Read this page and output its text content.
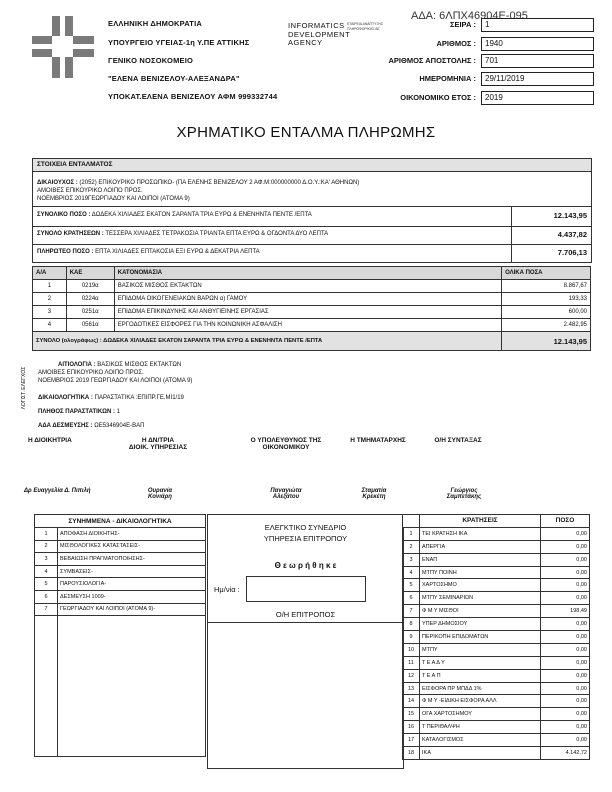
ΑΔΑ: 6ΛΠΧ46904Ε-095
ΕΛΛΗΝΙΚΗ ΔΗΜΟΚΡΑΤΙΑ
ΥΠΟΥΡΓΕΙΟ ΥΓΕΙΑΣ-1η Υ.ΠΕ ΑΤΤΙΚΗΣ
ΓΕΝΙΚΟ ΝΟΣΟΚΟΜΕΙΟ
"ΕΛΕΝΑ ΒΕΝΙΖΕΛΟΥ-ΑΛΕΞΑΝΔΡΑ"
ΥΠΟΚΑΤ.ΕΛΕΝΑ ΒΕΝΙΖΕΛΟΥ ΑΦΜ 999332744
INFORMATICS DEVELOPMENT AGENCY
ΕΤΑΙΡΕΙΑ ΑΝΑΠΤΥΞΗΣ ΠΛΗΡΟΦΟΡΙΚΗΣ ΑΕ	ΣΕΙΡΑ :	1
ΑΡΙΘΜΟΣ :	1940
ΑΡΙΘΜΟΣ ΑΠΟΣΤΟΛΗΣ :	701
ΗΜΕΡΟΜΗΝΙΑ :	29/11/2019
ΟΙΚΟΝΟΜΙΚΟ ΕΤΟΣ :	2019
ΧΡΗΜΑΤΙΚΟ ΕΝΤΑΛΜΑ ΠΛΗΡΩΜΗΣ
ΣΤΟΙΧΕΙΑ ΕΝΤΑΛΜΑΤΟΣ
ΔΙΚΑΙΟΥΧΟΣ : (2052) ΕΠΙΚΟΥΡΙΚΟ ΠΡΟΣΩΠΙΚΟ- (ΠΑ ΕΛΕΝΗΣ ΒΕΝΙΖΕΛΟΥ 2 ΑΦ.Μ:000000000 Δ.Ο.Υ.:ΚΑ' ΑΘΗΝΩΝ)
ΑΜΟΙΒΕΣ ΕΠΙΚΟΥΡΙΚΟ ΛΟΙΠΟ ΠΡΟΣ.
ΝΟΕΜΒΡΙΟΣ 2019ΓΕΩΡΓΙΑΔΟΥ ΚΑΙ ΛΟΙΠΟΙ (ΑΤΟΜΑ 9)
ΣΥΝΟΛΙΚΟ ΠΟΣΟ : ΔΩΔΕΚΑ ΧΙΛΙΑΔΕΣ ΕΚΑΤΟΝ ΣΑΡΑΝΤΑ ΤΡΙΑ ΕΥΡΩ & ΕΝΕΝΗΝΤΑ ΠΕΝΤΕ /ΕΠΤΑ	12.143,95
ΣΥΝΟΛΟ ΚΡΑΤΗΣΕΩΝ : ΤΕΣΣΕΡΑ ΧΙΛΙΑΔΕΣ ΤΕΤΡΑΚΟΣΙΑ ΤΡΙΑΝΤΑ ΕΠΤΑ ΕΥΡΩ & ΟΓΔΟΝΤΑ ΔΥΟ ΛΕΠΤΑ	4.437,82
ΠΛΗΡΩΤΕΟ ΠΟΣΟ : ΕΠΤΑ ΧΙΛΙΑΔΕΣ ΕΠΤΑΚΟΣΙΑ ΕΞΙ ΕΥΡΩ & ΔΕΚΑΤΡΙΑ ΛΕΠΤΑ	7.706,13
Α/Α	ΚΑΕ	ΚΑΤΟΝΟΜΑΣΙΑ	ΟΛΙΚΑ ΠΟΣΑ
1	0219α	ΒΑΣΙΚΟΣ ΜΙΣΘΟΣ ΕΚΤΑΚΤΩΝ	8.867,67
2	0224α	ΕΠΙΔΟΜΑ ΟΙΚΟΓΕΝΕΙΑΚΩΝ ΒΑΡΩΝ α) ΓΑΜΟΥ	193,33
3	0251α	ΕΠΙΔΟΜΑ ΕΠΙΚΙΝΔΥΝΗΣ ΚΑΙ ΑΝΘΥΓΙΕΙΝΗΣ ΕΡΓΑΣΙΑΣ	600,00
4	0561α	ΕΡΓΟΔΟΤΙΚΕΣ ΕΙΣΦΟΡΕΣ ΓΙΑ ΤΗΝ ΚΟΙΝΩΝΙΚΗ ΑΣΦΑΛΙΣΗ	2.482,95
ΣΥΝΟΛΟ (ολογράφως) : ΔΩΔΕΚΑ ΧΙΛΙΑΔΕΣ ΕΚΑΤΟΝ ΣΑΡΑΝΤΑ ΤΡΙΑ ΕΥΡΩ & ΕΝΕΝΗΝΤΑ ΠΕΝΤΕ /ΕΠΤΑ			12.143,95
ΛΟΓΙΣΤ. ΕΛΕΓΧΟΣ
ΑΙΤΙΟΛΟΓΙΑ : ΒΑΣΙΚΟΣ ΜΙΣΘΟΣ ΕΚΤΑΚΤΩΝ
ΑΜΟΙΒΕΣ ΕΠΙΚΟΥΡΙΚΟ ΛΟΙΠΟ ΠΡΟΣ.
ΝΟΕΜΒΡΙΟΣ 2019 ΓΕΩΡΓΙΑΔΟΥ ΚΑΙ ΛΟΙΠΟΙ (ΑΤΟΜΑ 9)
ΔΙΚΑΙΟΛΟΓΗΤΙΚΑ : ΠΑΡΑΣΤΑΤΙΚΑ :ΕΠΙΠΡ.ΓΕ.ΜΙ1/19
ΠΛΗΘΟΣ ΠΑΡΑΣΤΑΤΙΚΩΝ : 1
ΑΔΑ ΔΕΣΜΕΥΣΗΣ : ΩΕ5346904Ε-ΒΑΠ
Η ΔΙΟΙΚΗΤΡΙΑ	Η ΔΝ/ΤΡΙΑ
ΔΙΟΙΚ. ΥΠΗΡΕΣΙΑΣ
Ο ΥΠΟΛΕΥΘΥΝΟΣ ΤΗΣ
ΟΙΚΟΝΟΜΙΚΟΥ
Η ΤΜΗΜΑΤΑΡΧΗΣ	Ο/Η ΣΥΝΤΑΞΑΣ
Δρ Ευαγγελία Δ. Πιπιλή	Ουρανία
Κονιάρη
Παναγιώτα
Αλεξάτου
Σταματία
Κρεκέτη
Γεώργιος
Σαμπετάκης
ΣΥΝΗΜΜΕΝΑ - ΔΙΚΑΙΟΛΟΓΗΤΙΚΑ	
1	ΑΠΟΦΑΣΗ ΔΙΟΙΚΗΤΗΣ-
2	ΜΙΣΘΟΛΟΓΙΚΕΣ ΚΑΤΑΣΤΑΣΕΙΣ-
3	ΒΕΒΑΙΩΣΗ ΠΡΑΓΜΑΤΟΠΟΙΗΣΗΣ-
4	ΣΥΜΒΑΣΕΙΣ-
5	ΠΑΡΟΥΣΙΟΛΟΓΙΑ-
6	ΔΕΣΜΕΥΣΗ 1009-
7	ΓΕΩΡΓΙΑΔΟΥ ΚΑΙ ΛΟΙΠΟΙ (ΑΤΟΜΑ 9)-

ΕΛΕΓΚΤΙΚΟ ΣΥΝΕΔΡΙΟ
ΥΠΗΡΕΣΙΑ ΕΠΙΤΡΟΠΟΥ
Θ ε ω ρ ή θ η κ ε
Ημ/νία :
Ο/Η ΕΠΙΤΡΟΠΟΣ
	ΚΡΑΤΗΣΕΙΣ	ΠΟΣΟ
1	ΤΕΙ ΚΡΑΤΗΣΗ ΙΚΑ	0,00
2	ΑΠΕΡΓΙΑ	0,00
3	ΕΝΑΠ	0,00
4	ΜΤΠΥ ΠΟΙΝΗ	0,00
5	ΧΑΡΤΟΣΗΜΟ	0,00
6	ΜΤΠΥ ΣΕΜΙΝΑΡΙΩΝ	0,00
7	Φ Μ Υ ΜΙΣΘΟΙ	198,49
8	ΥΠΕΡ ΔΗΜΟΣΙΟΥ	0,00
9	ΠΕΡΙΚΟΠΗ ΕΠΙΔΟΜΑΤΩΝ	0,00
10	ΜΤΠΥ	0,00
11	Τ Ε Α Δ Υ	0,00
12	Τ Ε Α Π	0,00
13	ΕΙΣΦΟΡΑ ΠΡ ΜΠΔΔ 1%	0,00
14	Φ Μ Υ -ΕΙΔΙΚΗ ΕΙΣΦΟΡΑ ΑΛΛ	0,00
15	ΟΓΑ ΧΑΡΤΟΣΗΜΟΥ	0,00
16	Τ ΠΕΡΙΘΑΛΨΗ	0,00
17	ΚΑΤΑΛΟΓΙΣΜΟΣ	0,00
18	ΙΚΑ	4.142,72
